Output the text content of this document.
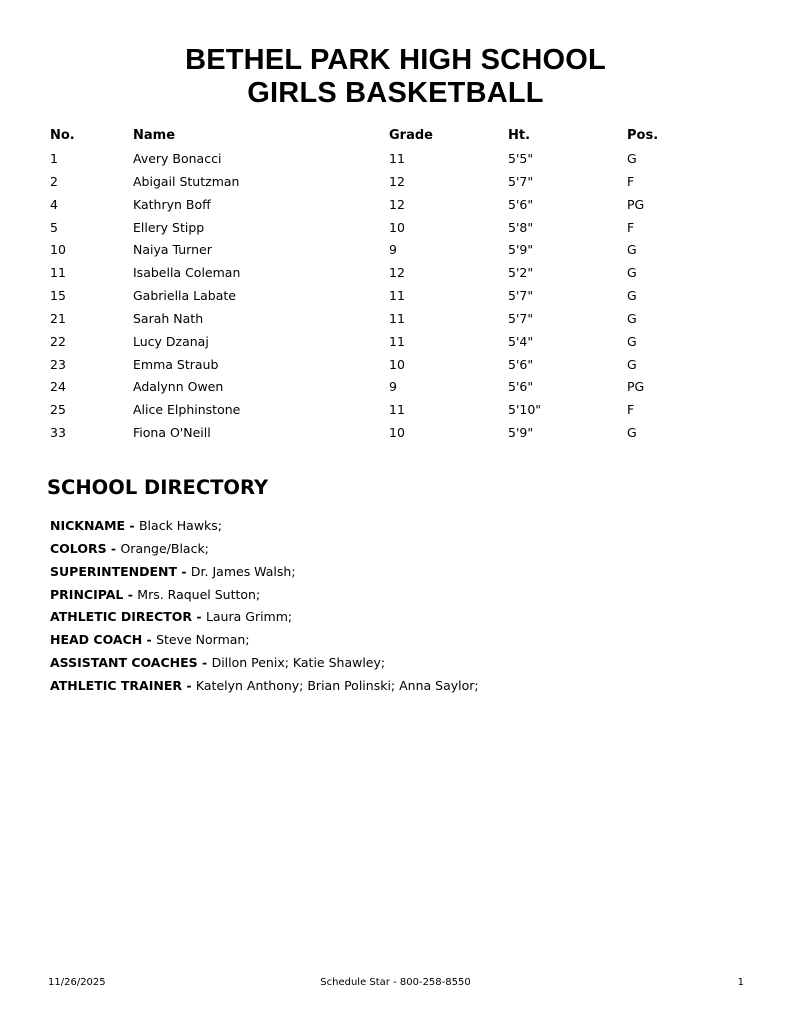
BETHEL PARK HIGH SCHOOL
GIRLS BASKETBALL
No.	Name	Grade	Ht.	Pos.
1	Avery Bonacci	11	5'5"	G
2	Abigail Stutzman	12	5'7"	F
4	Kathryn Boff	12	5'6"	PG
5	Ellery Stipp	10	5'8"	F
10	Naiya Turner	9	5'9"	G
11	Isabella Coleman	12	5'2"	G
15	Gabriella Labate	11	5'7"	G
21	Sarah Nath	11	5'7"	G
22	Lucy Dzanaj	11	5'4"	G
23	Emma Straub	10	5'6"	G
24	Adalynn Owen	9	5'6"	PG
25	Alice Elphinstone	11	5'10"	F
33	Fiona O'Neill	10	5'9"	G
SCHOOL DIRECTORY
NICKNAME - Black Hawks;
COLORS - Orange/Black;
SUPERINTENDENT - Dr. James Walsh;
PRINCIPAL - Mrs. Raquel Sutton;
ATHLETIC DIRECTOR - Laura Grimm;
HEAD COACH - Steve Norman;
ASSISTANT COACHES - Dillon Penix; Katie Shawley;
ATHLETIC TRAINER - Katelyn Anthony; Brian Polinski; Anna Saylor;
11/26/2025	Schedule Star - 800-258-8550	1
